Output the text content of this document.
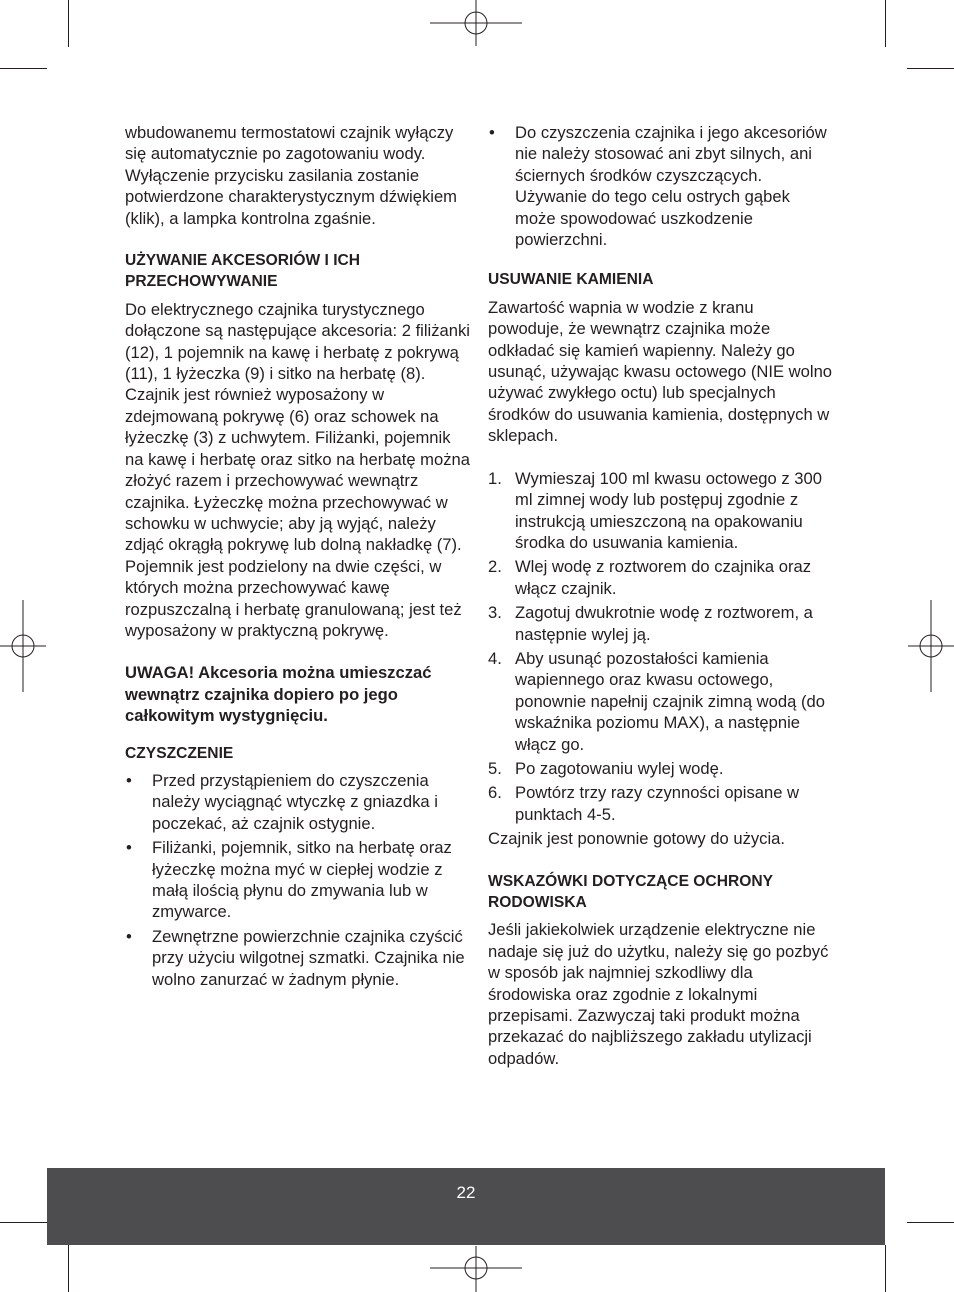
wbudowanemu termostatowi czajnik wyłączy się automatycznie po zagotowaniu wody. Wyłączenie przycisku zasilania zostanie potwierdzone charakterystycznym dźwiękiem (klik), a lampka kontrolna zgaśnie.

UŻYWANIE AKCESORIÓW I ICH PRZECHOWYWANIE

Do elektrycznego czajnika turystycznego dołączone są następujące akcesoria: 2 filiżanki (12), 1 pojemnik na kawę i herbatę z pokrywą (11), 1 łyżeczka (9) i sitko na herbatę (8). Czajnik jest również wyposażony w zdejmowaną pokrywę (6) oraz schowek na łyżeczkę (3) z uchwytem. Filiżanki, pojemnik na kawę i herbatę oraz sitko na herbatę można złożyć razem i przechowywać wewnątrz czajnika. Łyżeczkę można przechowywać w schowku w uchwycie; aby ją wyjąć, należy zdjąć okrągłą pokrywę lub dolną nakładkę (7). Pojemnik jest podzielony na dwie części, w których można przechowywać kawę rozpuszczalną i herbatę granulowaną; jest też wyposażony w praktyczną pokrywę.

UWAGA! Akcesoria można umieszczać wewnątrz czajnika dopiero po jego całkowitym wystygnięciu.

CZYSZCZENIE

• Przed przystąpieniem do czyszczenia należy wyciągnąć wtyczkę z gniazdka i poczekać, aż czajnik ostygnie.
• Filiżanki, pojemnik, sitko na herbatę oraz łyżeczkę można myć w ciepłej wodzie z małą ilością płynu do zmywania lub w zmywarce.
• Zewnętrzne powierzchnie czajnika czyścić przy użyciu wilgotnej szmatki. Czajnika nie wolno zanurzać w żadnym płynie.
• Do czyszczenia czajnika i jego akcesoriów nie należy stosować ani zbyt silnych, ani ściernych środków czyszczących. Używanie do tego celu ostrych gąbek może spowodować uszkodzenie powierzchni.

USUWANIE KAMIENIA

Zawartość wapnia w wodzie z kranu powoduje, że wewnątrz czajnika może odkładać się kamień wapienny. Należy go usunąć, używając kwasu octowego (NIE wolno używać zwykłego octu) lub specjalnych środków do usuwania kamienia, dostępnych w sklepach.

1. Wymieszaj 100 ml kwasu octowego z 300 ml zimnej wody lub postępuj zgodnie z instrukcją umieszczoną na opakowaniu środka do usuwania kamienia.
2. Wlej wodę z roztworem do czajnika oraz włącz czajnik.
3. Zagotuj dwukrotnie wodę z roztworem, a następnie wylej ją.
4. Aby usunąć pozostałości kamienia wapiennego oraz kwasu octowego, ponownie napełnij czajnik zimną wodą (do wskaźnika poziomu MAX), a następnie włącz go.
5. Po zagotowaniu wylej wodę.
6. Powtórz trzy razy czynności opisane w punktach 4-5.

Czajnik jest ponownie gotowy do użycia.

WSKAZÓWKI DOTYCZĄCE OCHRONY RODOWISKA

Jeśli jakiekolwiek urządzenie elektryczne nie nadaje się już do użytku, należy się go pozbyć w sposób jak najmniej szkodliwy dla środowiska oraz zgodnie z lokalnymi przepisami. Zazwyczaj taki produkt można przekazać do najbliższego zakładu utylizacji odpadów.

22
